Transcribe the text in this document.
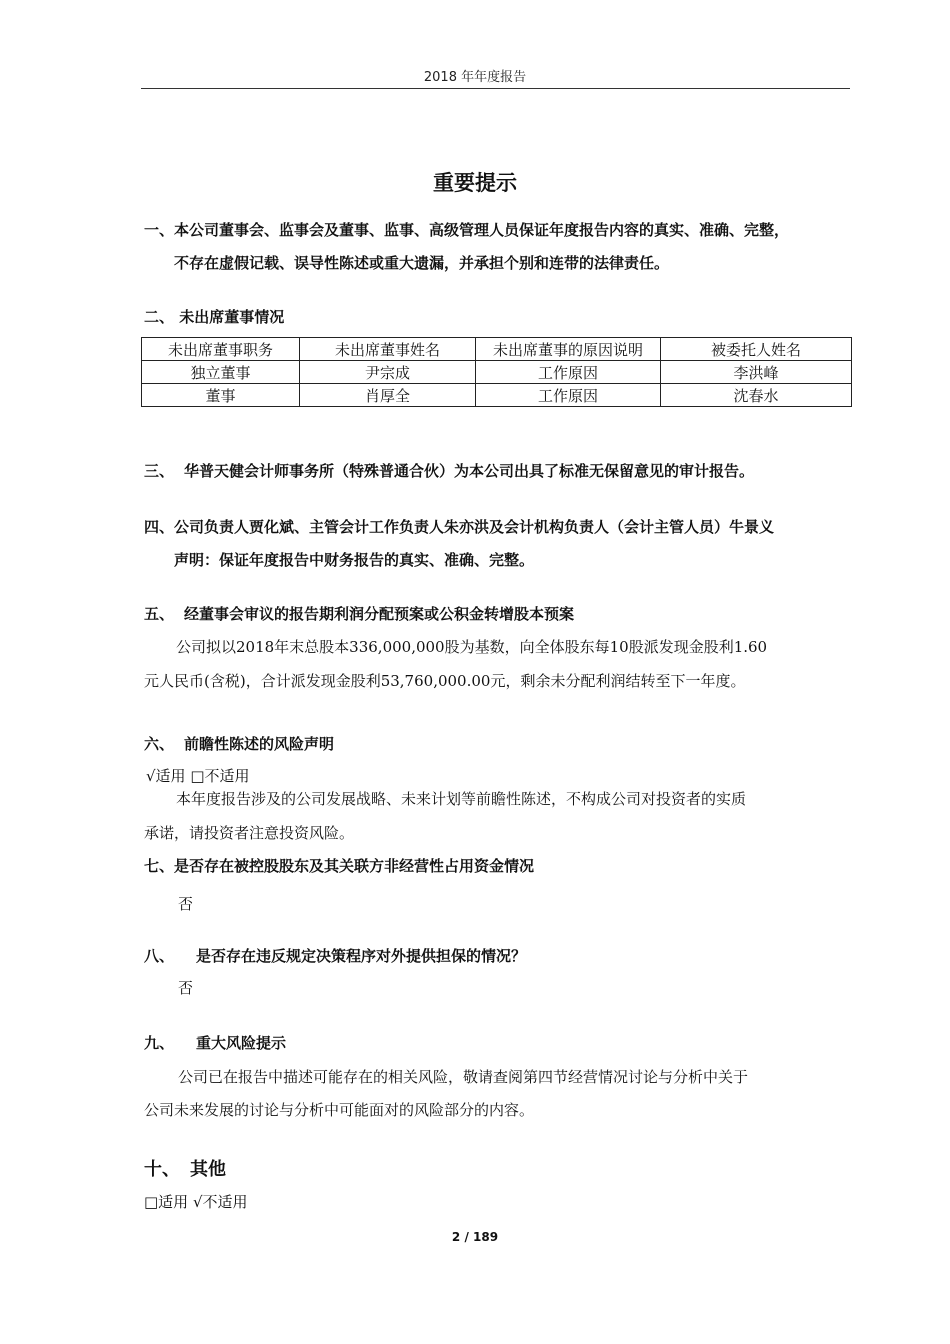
2018 年年度报告
重要提示
一、本公司董事会、监事会及董事、监事、高级管理人员保证年度报告内容的真实、准确、完整，
不存在虚假记载、误导性陈述或重大遗漏，并承担个别和连带的法律责任。
二、 未出席董事情况
未出席董事职务	未出席董事姓名	未出席董事的原因说明	被委托人姓名
独立董事	尹宗成	工作原因	李洪峰
董事	肖厚全	工作原因	沈春水
三、 华普天健会计师事务所（特殊普通合伙）为本公司出具了标准无保留意见的审计报告。
四、公司负责人贾化斌、主管会计工作负责人朱亦洪及会计机构负责人（会计主管人员）牛景义
声明：保证年度报告中财务报告的真实、准确、完整。
五、 经董事会审议的报告期利润分配预案或公积金转增股本预案
公司拟以2018年末总股本336,000,000股为基数，向全体股东每10股派发现金股利1.60
元人民币(含税)，合计派发现金股利53,760,000.00元，剩余未分配利润结转至下一年度。
六、 前瞻性陈述的风险声明
√适用 □不适用
本年度报告涉及的公司发展战略、未来计划等前瞻性陈述，不构成公司对投资者的实质
承诺，请投资者注意投资风险。
七、是否存在被控股股东及其关联方非经营性占用资金情况
否
八、 是否存在违反规定决策程序对外提供担保的情况？
否
九、 重大风险提示
公司已在报告中描述可能存在的相关风险，敬请查阅第四节经营情况讨论与分析中关于
公司未来发展的讨论与分析中可能面对的风险部分的内容。
十、 其他
□适用 √不适用
2 / 189
